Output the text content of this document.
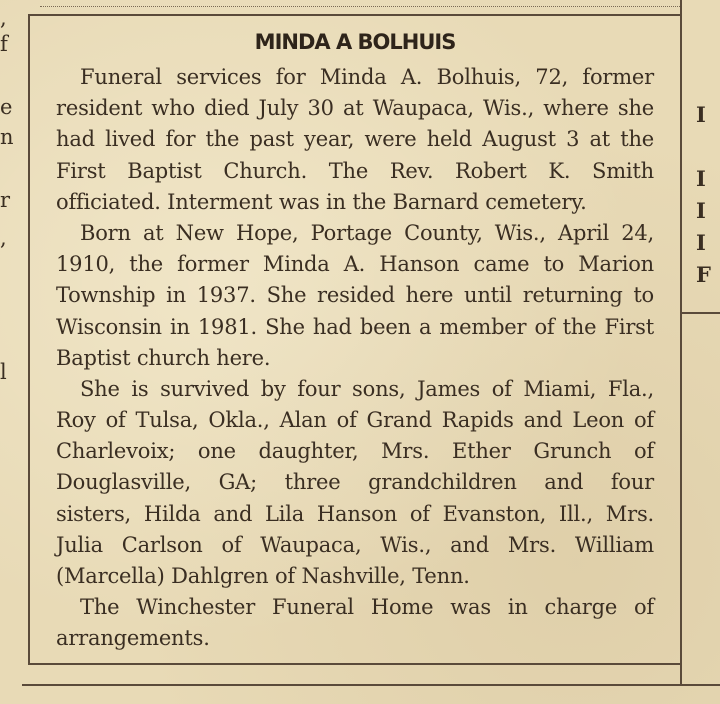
,
f
e
n
r
,
l
I
I
I
I
F
MINDA A BOLHUIS
Funeral services for Minda A. Bolhuis, 72, former
resident who died July 30 at Waupaca, Wis., where she
had lived for the past year, were held August 3 at the
First Baptist Church. The Rev. Robert K. Smith
officiated. Interment was in the Barnard cemetery.
Born at New Hope, Portage County, Wis., April 24,
1910, the former Minda A. Hanson came to Marion
Township in 1937. She resided here until returning to
Wisconsin in 1981. She had been a member of the First
Baptist church here.
She is survived by four sons, James of Miami, Fla.,
Roy of Tulsa, Okla., Alan of Grand Rapids and Leon of
Charlevoix; one daughter, Mrs. Ether Grunch of
Douglasville, GA; three grandchildren and four
sisters, Hilda and Lila Hanson of Evanston, Ill., Mrs.
Julia Carlson of Waupaca, Wis., and Mrs. William
(Marcella) Dahlgren of Nashville, Tenn.
The Winchester Funeral Home was in charge of
arrangements.
